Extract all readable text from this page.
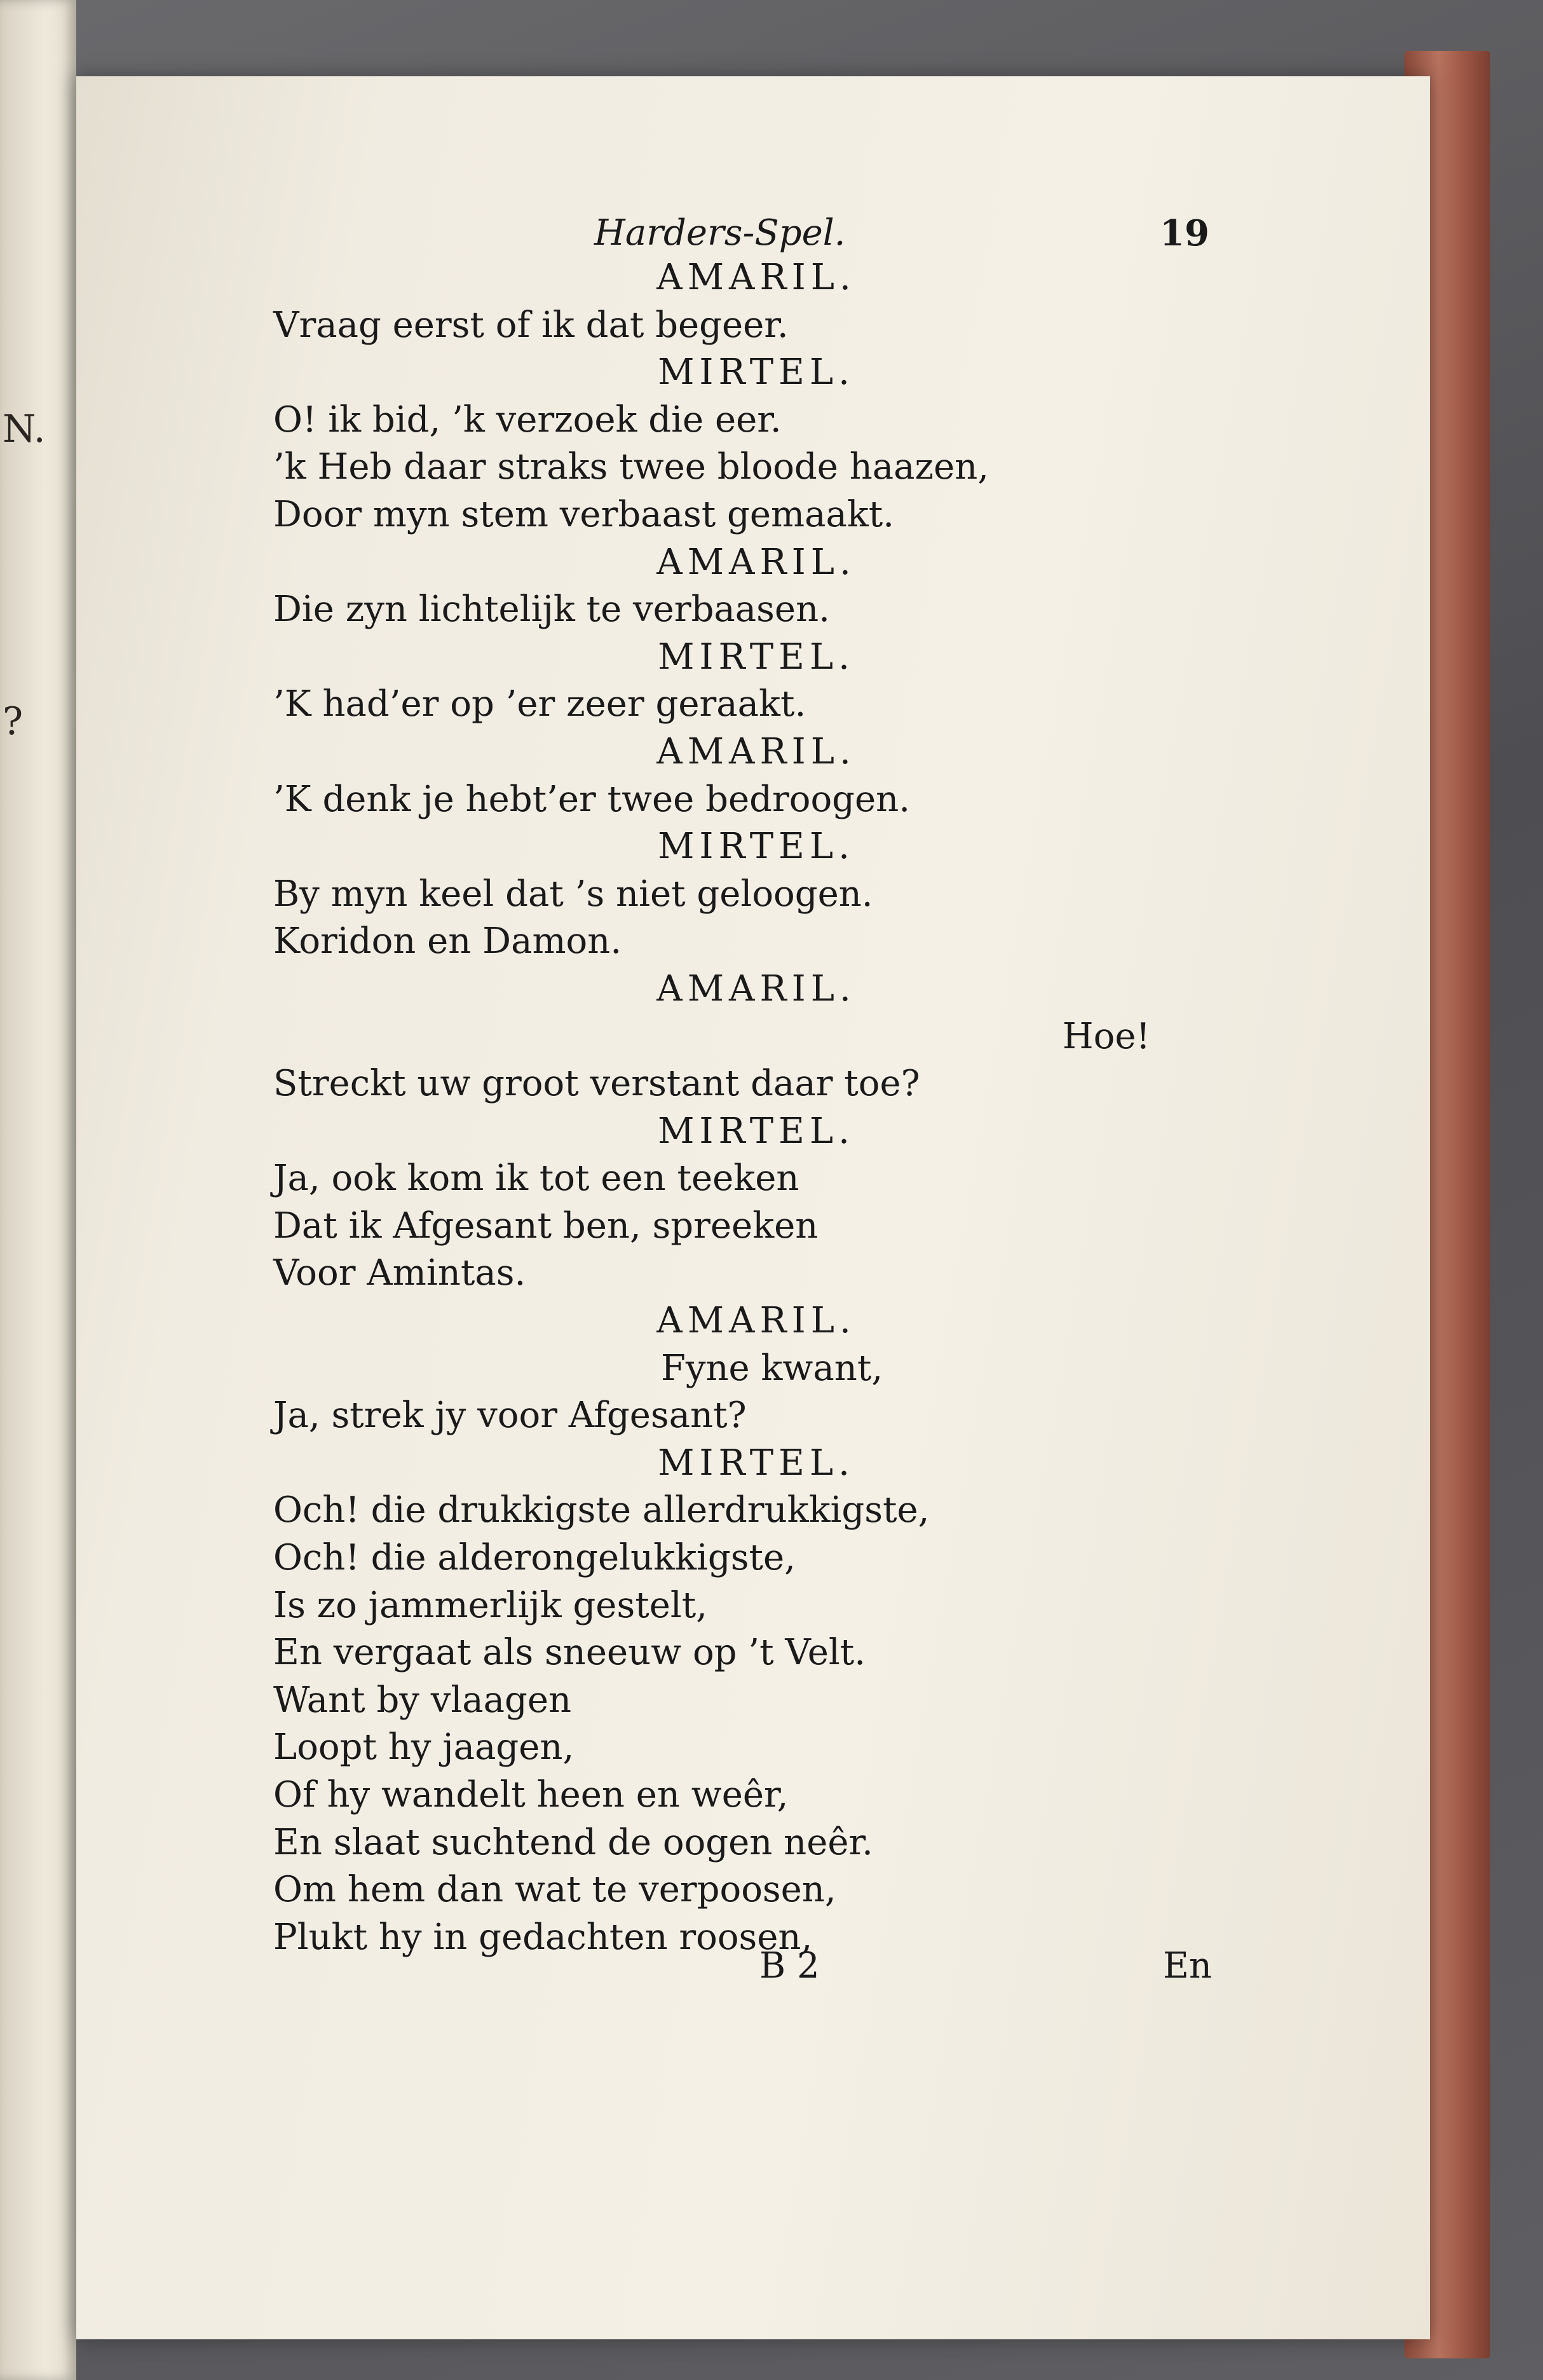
N.
?
Harders-Spel.	19
AMARIL.
Vraag eerst of ik dat begeer.
MIRTEL.
O! ik bid, ’k verzoek die eer.
’k Heb daar straks twee bloode haazen,
Door myn stem verbaast gemaakt.
AMARIL.
Die zyn lichtelijk te verbaasen.
MIRTEL.
’K had’er op ’er zeer geraakt.
AMARIL.
’K denk je hebt’er twee bedroogen.
MIRTEL.
By myn keel dat ’s niet geloogen.
Koridon en Damon.
AMARIL.
Hoe!
Streckt uw groot verstant daar toe?
MIRTEL.
Ja, ook kom ik tot een teeken
Dat ik Afgesant ben, spreeken
Voor Amintas.
AMARIL.
Fyne kwant,
Ja, strek jy voor Afgesant?
MIRTEL.
Och! die drukkigste allerdrukkigste,
Och! die alderongelukkigste,
Is zo jammerlijk gestelt,
En vergaat als sneeuw op ’t Velt.
Want by vlaagen
Loopt hy jaagen,
Of hy wandelt heen en weêr,
En slaat suchtend de oogen neêr.
Om hem dan wat te verpoosen,
Plukt hy in gedachten roosen,
B 2	En
